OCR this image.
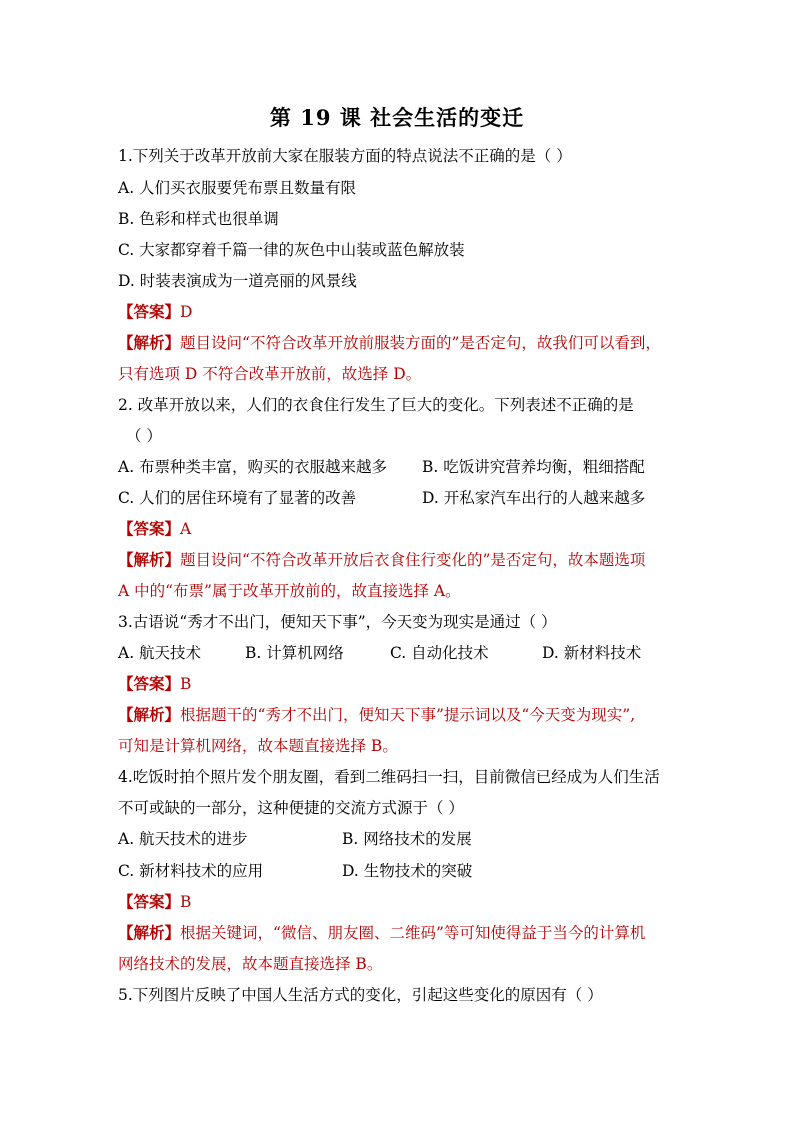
第 19 课 社会生活的变迁
1.下列关于改革开放前大家在服装方面的特点说法不正确的是（ ）
A. 人们买衣服要凭布票且数量有限
B. 色彩和样式也很单调
C. 大家都穿着千篇一律的灰色中山装或蓝色解放装
D. 时装表演成为一道亮丽的风景线
【答案】D
【解析】题目设问“不符合改革开放前服装方面的”是否定句，故我们可以看到，
只有选项 D 不符合改革开放前，故选择 D。
2. 改革开放以来，人们的衣食住行发生了巨大的变化。下列表述不正确的是
（ ）
A. 布票种类丰富，购买的衣服越来越多 B. 吃饭讲究营养均衡，粗细搭配
C. 人们的居住环境有了显著的改善	D. 开私家汽车出行的人越来越多
【答案】A
【解析】题目设问“不符合改革开放后衣食住行变化的”是否定句，故本题选项
A 中的“布票”属于改革开放前的，故直接选择 A。
3.古语说“秀才不出门，便知天下事”，今天变为现实是通过（ ）
A. 航天技术	B. 计算机网络	C. 自动化技术	D. 新材料技术
【答案】B
【解析】根据题干的“秀才不出门，便知天下事”提示词以及“今天变为现实”,
可知是计算机网络，故本题直接选择 B。
4.吃饭时拍个照片发个朋友圈，看到二维码扫一扫，目前微信已经成为人们生活
不可或缺的一部分，这种便捷的交流方式源于（ ）
A. 航天技术的进步	B. 网络技术的发展
C. 新材料技术的应用	D. 生物技术的突破
【答案】B
【解析】根据关键词，“微信、朋友圈、二维码”等可知使得益于当今的计算机
网络技术的发展，故本题直接选择 B。
5.下列图片反映了中国人生活方式的变化，引起这些变化的原因有（ ）
